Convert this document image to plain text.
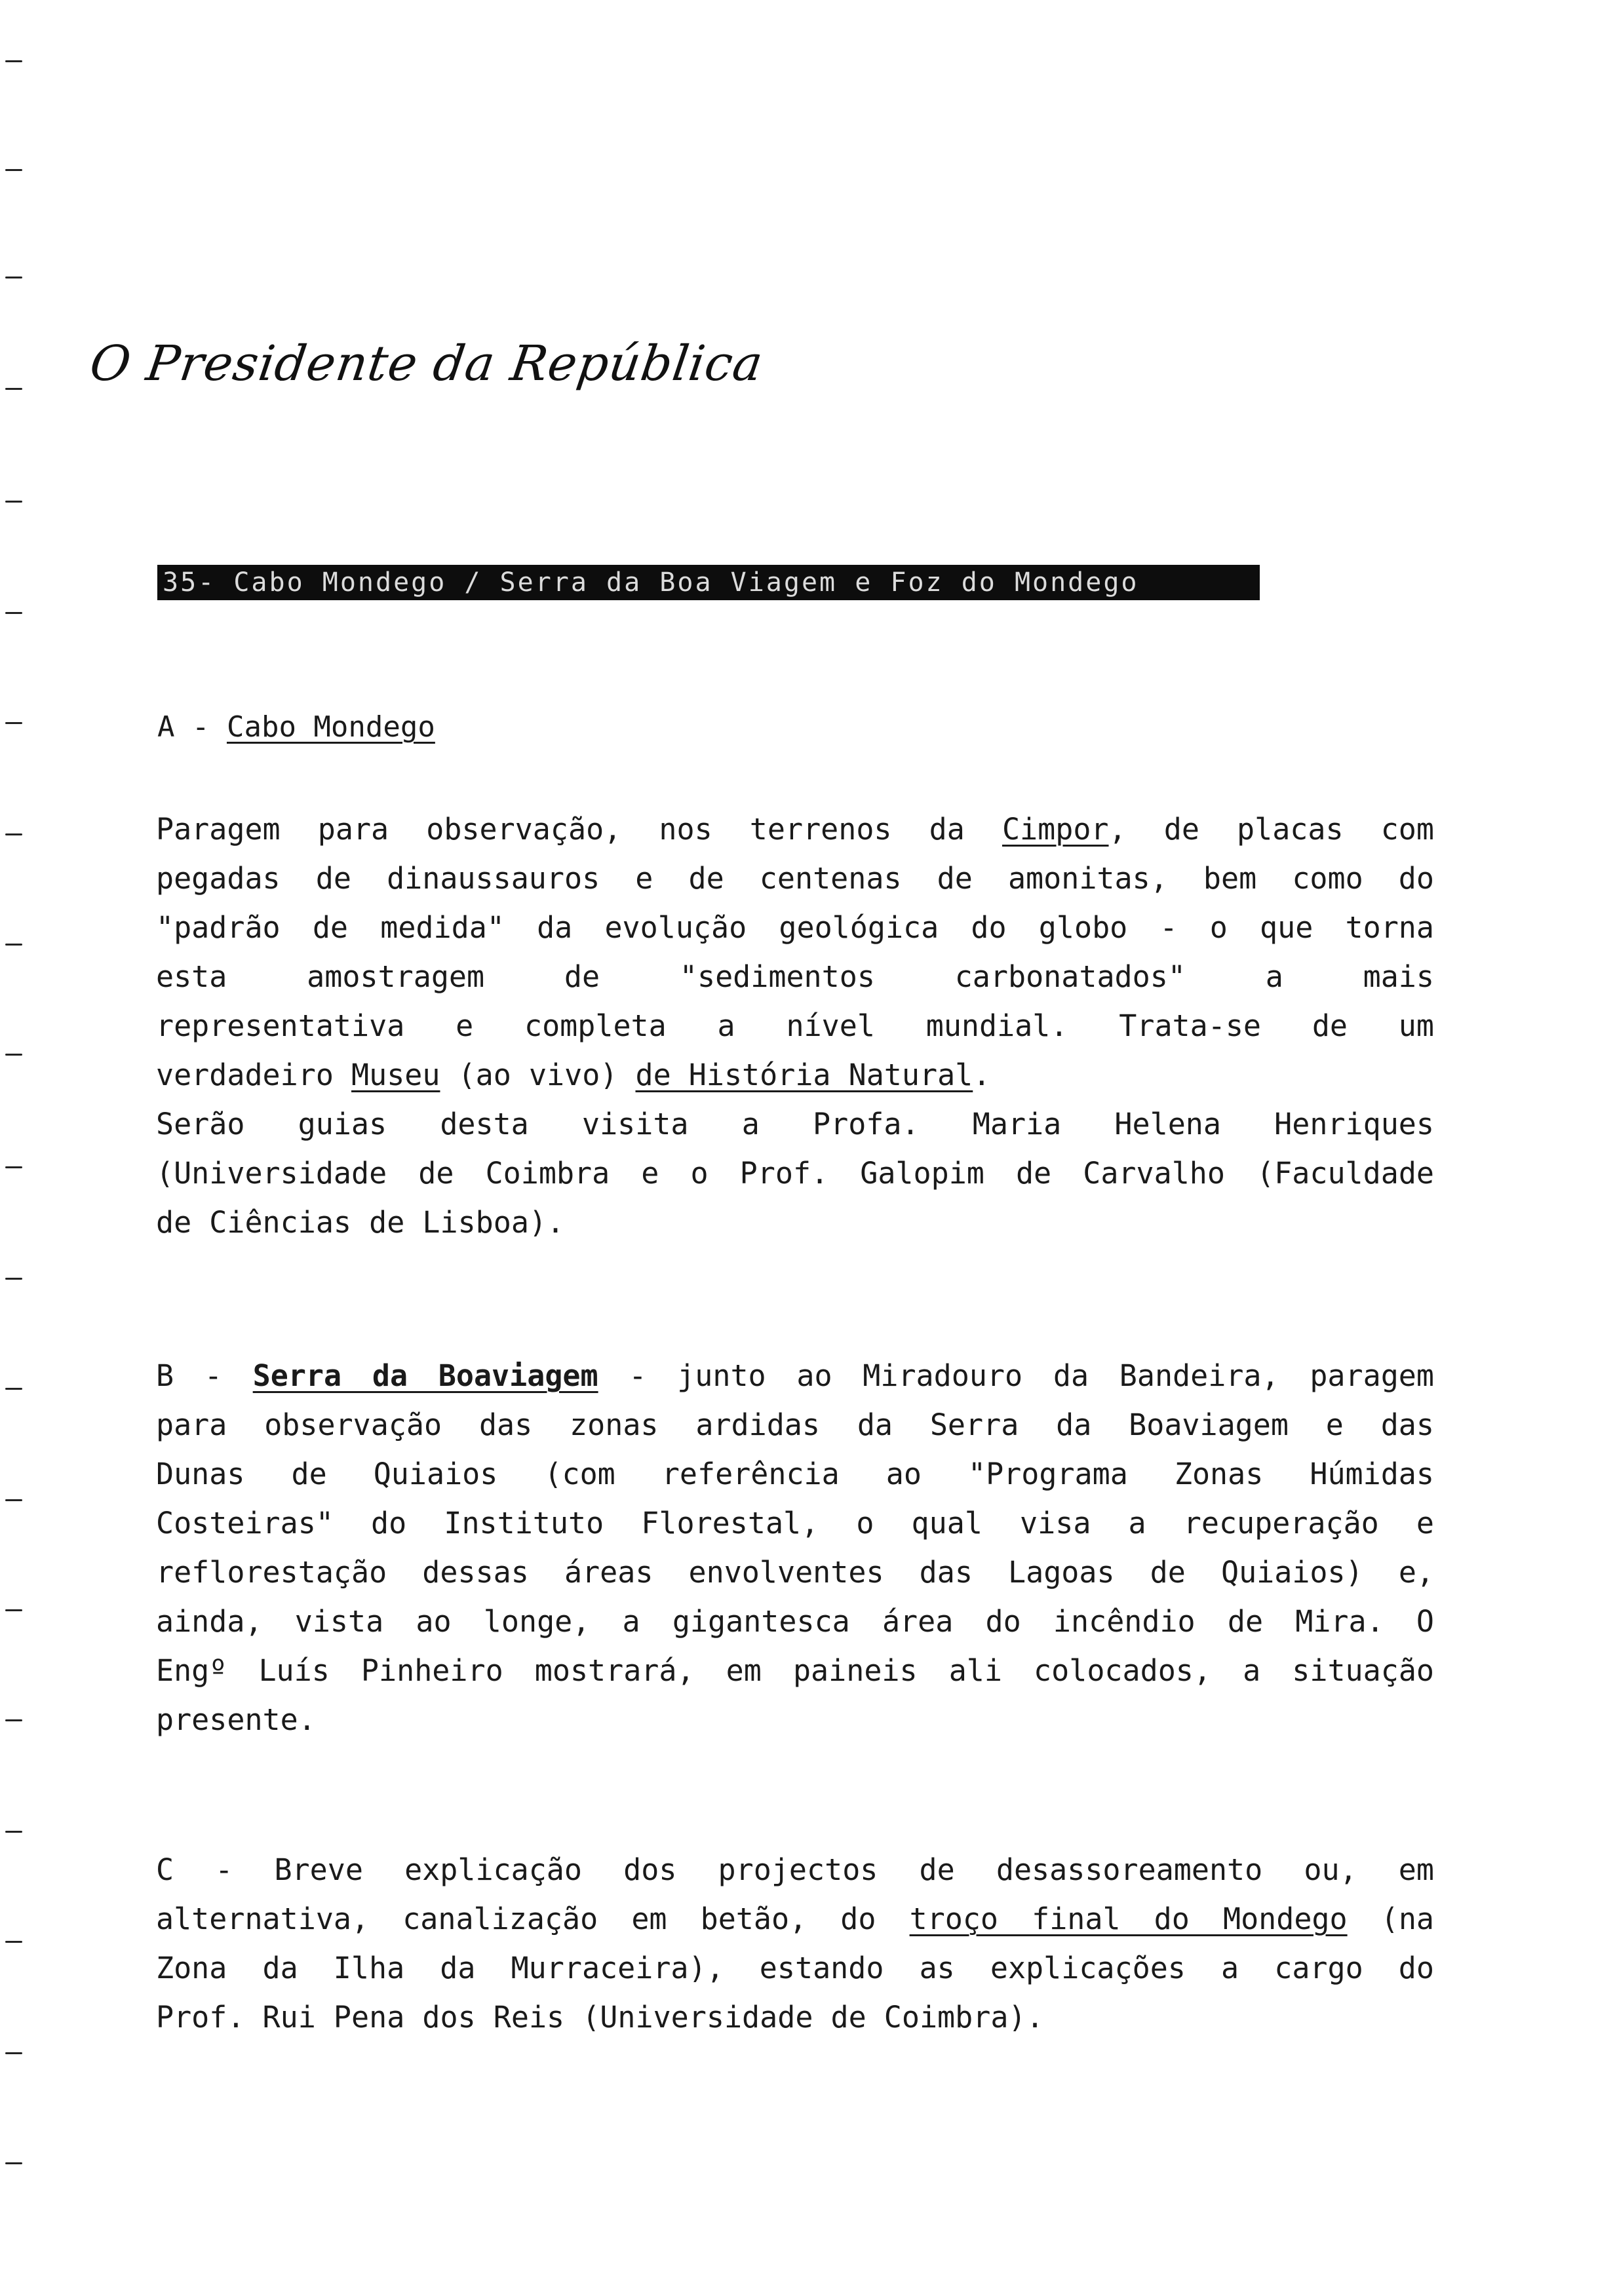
O Presidente da República
35- Cabo Mondego / Serra da Boa Viagem e Foz do Mondego
A - Cabo Mondego
Paragem para observação, nos terrenos da Cimpor, de placas com
pegadas de dinaussauros e de centenas de amonitas, bem como do
"padrão de medida" da evolução geológica do globo - o que torna
esta amostragem de "sedimentos carbonatados" a mais
representativa e completa a nível mundial. Trata-se de um
verdadeiro Museu (ao vivo) de História Natural.
Serão guias desta visita a Profa. Maria Helena Henriques
(Universidade de Coimbra e o Prof. Galopim de Carvalho (Faculdade
de Ciências de Lisboa).
B - Serra da Boaviagem - junto ao Miradouro da Bandeira, paragem
para observação das zonas ardidas da Serra da Boaviagem e das
Dunas de Quiaios (com referência ao "Programa Zonas Húmidas
Costeiras" do Instituto Florestal, o qual visa a recuperação e
reflorestação dessas áreas envolventes das Lagoas de Quiaios) e,
ainda, vista ao longe, a gigantesca área do incêndio de Mira. O
Engº Luís Pinheiro mostrará, em paineis ali colocados, a situação
presente.
C - Breve explicação dos projectos de desassoreamento ou, em
alternativa, canalização em betão, do troço final do Mondego (na
Zona da Ilha da Murraceira), estando as explicações a cargo do
Prof. Rui Pena dos Reis (Universidade de Coimbra).
